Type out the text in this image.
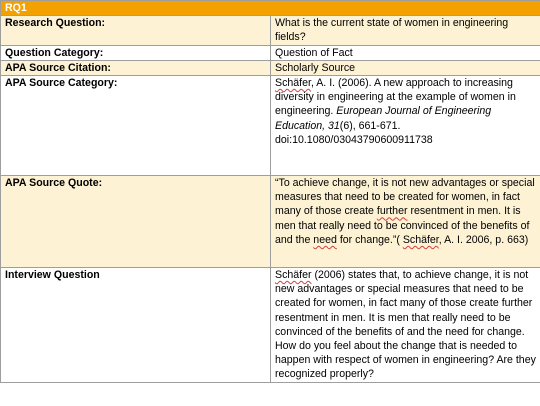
RQ1	
Research Question:	What is the current state of women in engineering fields?
Question Category:	Question of Fact
APA Source Citation:	Scholarly Source
APA Source Category:	Schäfer, A. I. (2006). A new approach to increasing diversity in engineering at the example of women in engineering. European Journal of Engineering Education, 31(6), 661-671. doi:10.1080/03043790600911738
APA Source Quote:	“To achieve change, it is not new advantages or special measures that need to be created for women, in fact many of those create further resentment in men. It is men that really need to be convinced of the benefits of and the need for change.”( Schäfer, A. I. 2006, p. 663)
Interview Question	Schäfer (2006) states that, to achieve change, it is not new advantages or special measures that need to be created for women, in fact many of those create further resentment in men. It is men that really need to be convinced of the benefits of and the need for change. How do you feel about the change that is needed to happen with respect of women in engineering? Are they recognized properly?
